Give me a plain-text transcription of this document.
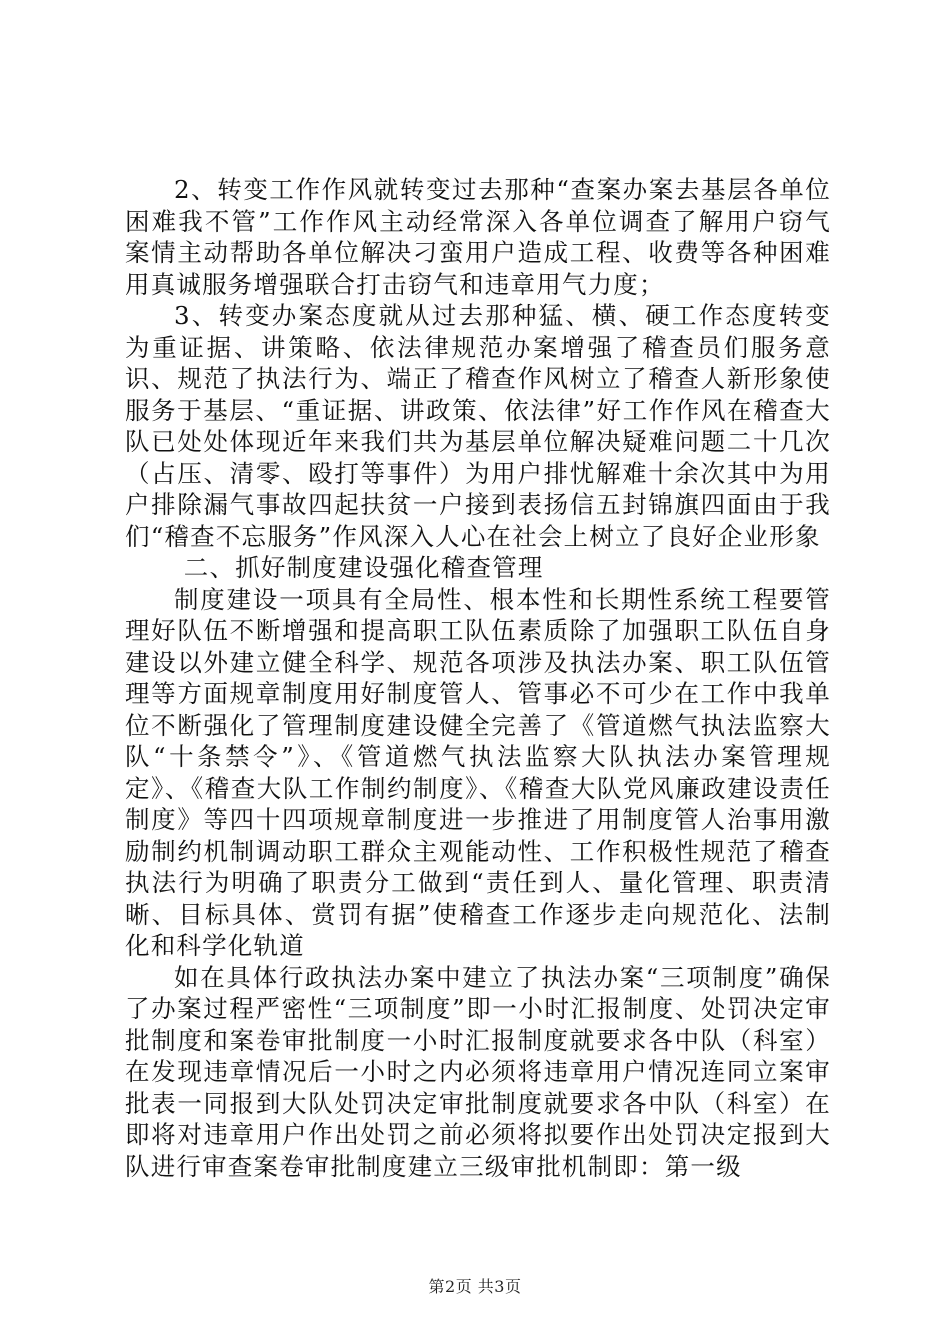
2、转变工作作风就转变过去那种“查案办案去基层各单位困难我不管”工作作风主动经常深入各单位调查了解用户窃气案情主动帮助各单位解决刁蛮用户造成工程、收费等各种困难用真诚服务增强联合打击窃气和违章用气力度；

3、转变办案态度就从过去那种猛、横、硬工作态度转变为重证据、讲策略、依法律规范办案增强了稽查员们服务意识、规范了执法行为、端正了稽查作风树立了稽查人新形象使服务于基层、“重证据、讲政策、依法律”好工作作风在稽查大队已处处体现近年来我们共为基层单位解决疑难问题二十几次（占压、清零、殴打等事件）为用户排忧解难十余次其中为用户排除漏气事故四起扶贫一户接到表扬信五封锦旗四面由于我们“稽查不忘服务”作风深入人心在社会上树立了良好企业形象

二、抓好制度建设强化稽查管理

制度建设一项具有全局性、根本性和长期性系统工程要管理好队伍不断增强和提高职工队伍素质除了加强职工队伍自身建设以外建立健全科学、规范各项涉及执法办案、职工队伍管理等方面规章制度用好制度管人、管事必不可少在工作中我单位不断强化了管理制度建设健全完善了《管道燃气执法监察大队“十条禁令”》、《管道燃气执法监察大队执法办案管理规定》、《稽查大队工作制约制度》、《稽查大队党风廉政建设责任制度》等四十四项规章制度进一步推进了用制度管人治事用激励制约机制调动职工群众主观能动性、工作积极性规范了稽查执法行为明确了职责分工做到“责任到人、量化管理、职责清晰、目标具体、赏罚有据”使稽查工作逐步走向规范化、法制化和科学化轨道

如在具体行政执法办案中建立了执法办案“三项制度”确保了办案过程严密性“三项制度”即一小时汇报制度、处罚决定审批制度和案卷审批制度一小时汇报制度就要求各中队（科室）在发现违章情况后一小时之内必须将违章用户情况连同立案审批表一同报到大队处罚决定审批制度就要求各中队（科室）在即将对违章用户作出处罚之前必须将拟要作出处罚决定报到大队进行审查案卷审批制度建立三级审批机制即：第一级

第2页 共3页
